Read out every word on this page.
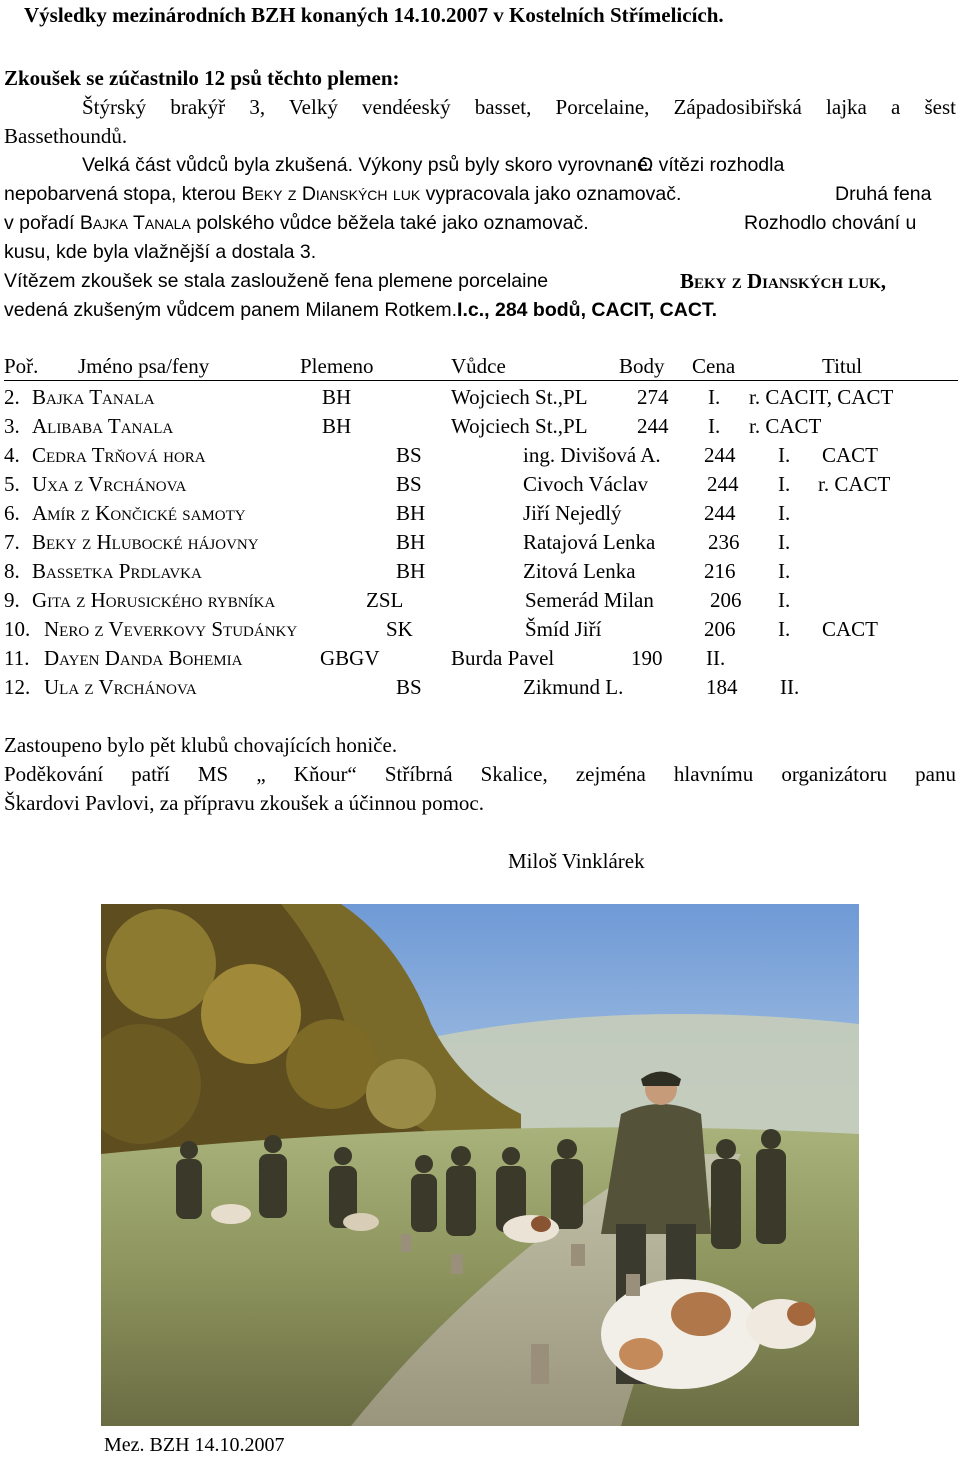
Výsledky mezinárodních BZH konaných 14.10.2007 v Kostelních Střímelicích.
Zkoušek se zúčastnilo 12 psů těchto plemen:
Štýrský brakýř 3, Velký vendéeský basset, Porcelaine, Západosibiřská lajka a šest
Bassethoundů.
Velká část vůdců byla zkušená. Výkony psů byly skoro vyrovnané.
O vítězi rozhodla
nepobarvená stopa, kterou Beky z Dianských luk vypracovala jako oznamovač.	Druhá fena
v pořadí Bajka Tanala polského vůdce běžela také jako oznamovač.	Rozhodlo chování u
kusu, kde byla vlažnější a dostala 3.
Vítězem zkoušek se stala zaslouženě fena plemene porcelaine	Beky z Dianských luk,
vedená zkušeným vůdcem panem Milanem Rotkem.I.c., 284 bodů, CACIT, CACT.
Poř. Jméno psa/feny	Plemeno	Vůdce	Body Cena	Titul
2. Bajka Tanala	BH	Wojciech St.,PL 274 I. r. CACIT, CACT
3. Alibaba Tanala	BH	Wojciech St.,PL 244 I. r. CACT
4. Cedra Trňová hora	BS	ing. Divišová A. 244 I. CACT
5. Uxa z Vrchánova	BS	Civoch Václav	244 I. r. CACT
6. Amír z Končické samoty	BH	Jiří Nejedlý	244 I.
7. Beky z Hlubocké hájovny	BH	Ratajová Lenka	236 I.
8. Bassetka Prdlavka	BH	Zitová Lenka	216 I.
9. Gita z Horusického rybníka	ZSL	Semerád Milan	206 I.
10. Nero z Veverkovy Studánky	SK	Šmíd Jiří	206 I. CACT
11. Dayen Danda Bohemia	GBGV	Burda Pavel	190 II.
12. Ula z Vrchánova	BS	Zikmund L.	184 II.
Zastoupeno bylo pět klubů chovajících honiče.
Poděkování patří MS „ Kňour“ Stříbrná Skalice, zejména hlavnímu organizátoru panu
Škardovi Pavlovi, za přípravu zkoušek a účinnou pomoc.
Miloš Vinklárek
Mez. BZH 14.10.2007
